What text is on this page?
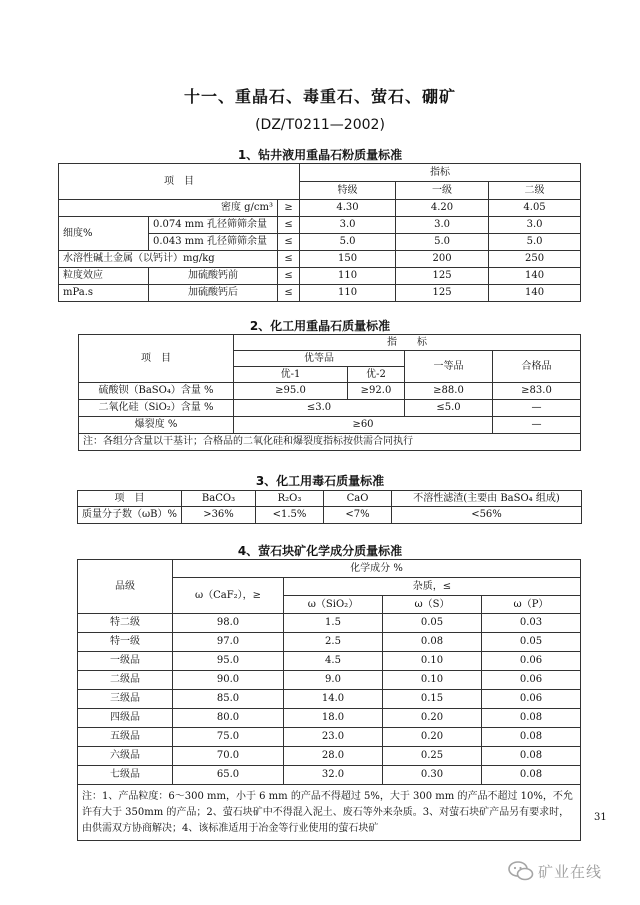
十一、重晶石、毒重石、萤石、硼矿
(DZ/T0211—2002)
1、钻井液用重晶石粉质量标准
项　目			指标		
			特级	一级	二级
密度 g/cm³		≥	4.30	4.20	4.05
细度%	0.074 mm 孔径筛筛余量	≤	3.0	3.0	3.0
	0.043 mm 孔径筛筛余量	≤	5.0	5.0	5.0
水溶性碱土金属（以钙计）mg/kg		≤	150	200	250
粒度效应	加硫酸钙前	≤	110	125	140
mPa.s	加硫酸钙后	≤	110	125	140
2、化工用重晶石质量标准
项　目	指　　标			
	优等品		一等品	合格品
	优-1	优-2		
硫酸钡（BaSO₄）含量 %	≥95.0	≥92.0	≥88.0	≥83.0
二氧化硅（SiO₂）含量 %	≤3.0		≤5.0	—
爆裂度 %	≥60			—
注：各组分含量以干基计；合格品的二氧化硅和爆裂度指标按供需合同执行				
3、化工用毒石质量标准
项　目	BaCO₃	R₂O₃	CaO	不溶性滤渣(主要由 BaSO₄ 组成)
质量分子数（ωB）%	>36%	<1.5%	<7%	<56%
4、萤石块矿化学成分质量标准
品级	化学成分 %			
	ω（CaF₂），≥	杂质，≤		
		ω（SiO₂）	ω（S）	ω（P）
特二级	98.0	1.5	0.05	0.03
特一级	97.0	2.5	0.08	0.05
一级品	95.0	4.5	0.10	0.06
二级品	90.0	9.0	0.10	0.06
三级品	85.0	14.0	0.15	0.06
四级品	80.0	18.0	0.20	0.08
五级品	75.0	23.0	0.20	0.08
六级品	70.0	28.0	0.25	0.08
七级品	65.0	32.0	0.30	0.08
注：1、产品粒度：6～300 mm，小于 6 mm 的产品不得超过 5%，大于 300 mm 的产品不超过 10%，不允许有大于 350mm 的产品；2、萤石块矿中不得混入泥土、废石等外来杂质。3、对萤石块矿产品另有要求时，由供需双方协商解决；4、该标准适用于冶金等行业使用的萤石块矿				
31
矿业在线
